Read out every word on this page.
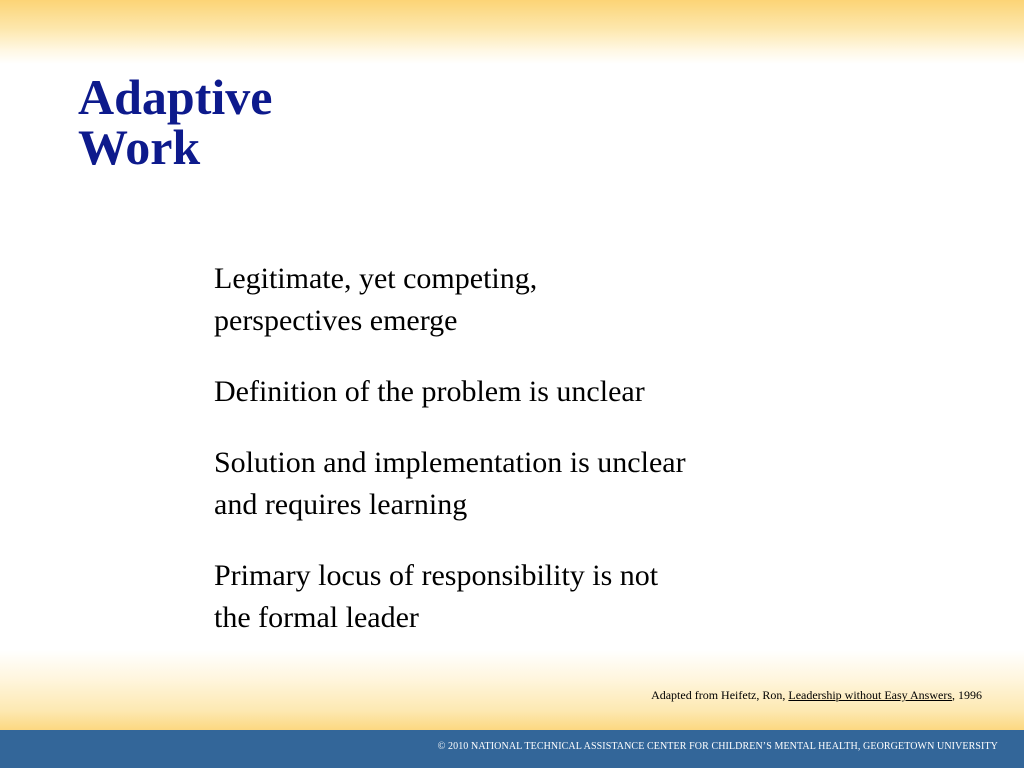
Adaptive
Work
Legitimate, yet competing,
perspectives emerge
Definition of the problem is unclear
Solution and implementation is unclear
and requires learning
Primary locus of responsibility is not
the formal leader
Adapted from Heifetz, Ron, Leadership without Easy Answers, 1996
© 2010 NATIONAL TECHNICAL ASSISTANCE CENTER FOR CHILDREN’S MENTAL HEALTH, GEORGETOWN UNIVERSITY
